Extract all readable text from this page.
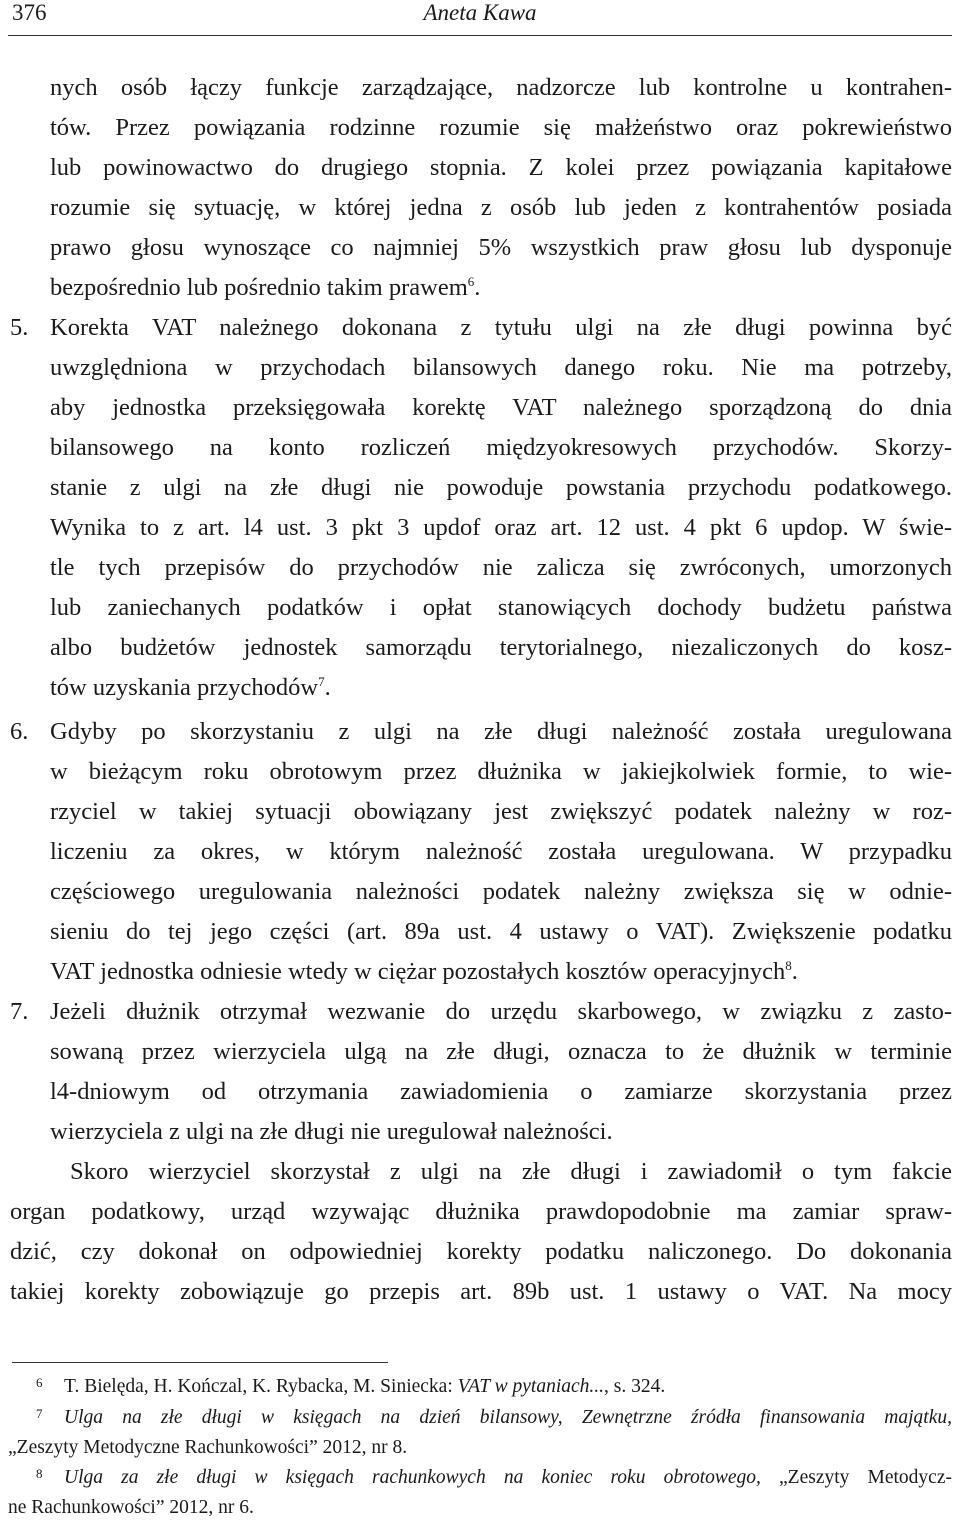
376	Aneta Kawa
nych osób łączy funkcje zarządzające, nadzorcze lub kontrolne u kontrahen-
tów. Przez powiązania rodzinne rozumie się małżeństwo oraz pokrewieństwo
lub powinowactwo do drugiego stopnia. Z kolei przez powiązania kapitałowe
rozumie się sytuację, w której jedna z osób lub jeden z kontrahentów posiada
prawo głosu wynoszące co najmniej 5% wszystkich praw głosu lub dysponuje
bezpośrednio lub pośrednio takim prawem$^6$.
5. Korekta VAT należnego dokonana z tytułu ulgi na złe długi powinna być
uwzględniona w przychodach bilansowych danego roku. Nie ma potrzeby,
aby jednostka przeksięgowała korektę VAT należnego sporządzoną do dnia
bilansowego na konto rozliczeń międzyokresowych przychodów. Skorzy-
stanie z ulgi na złe długi nie powoduje powstania przychodu podatkowego.
Wynika to z art. l4 ust. 3 pkt 3 updof oraz art. 12 ust. 4 pkt 6 updop. W świe-
tle tych przepisów do przychodów nie zalicza się zwróconych, umorzonych
lub zaniechanych podatków i opłat stanowiących dochody budżetu państwa
albo budżetów jednostek samorządu terytorialnego, niezaliczonych do kosz-
tów uzyskania przychodów$^7$.
6. Gdyby po skorzystaniu z ulgi na złe długi należność została uregulowana
w bieżącym roku obrotowym przez dłużnika w jakiejkolwiek formie, to wie-
rzyciel w takiej sytuacji obowiązany jest zwiększyć podatek należny w roz-
liczeniu za okres, w którym należność została uregulowana. W przypadku
częściowego uregulowania należności podatek należny zwiększa się w odnie-
sieniu do tej jego części (art. 89a ust. 4 ustawy o VAT). Zwiększenie podatku
VAT jednostka odniesie wtedy w ciężar pozostałych kosztów operacyjnych$^8$.
7. Jeżeli dłużnik otrzymał wezwanie do urzędu skarbowego, w związku z zasto-
sowaną przez wierzyciela ulgą na złe długi, oznacza to że dłużnik w terminie
l4-dniowym od otrzymania zawiadomienia o zamiarze skorzystania przez
wierzyciela z ulgi na złe długi nie uregulował należności.
Skoro wierzyciel skorzystał z ulgi na złe długi i zawiadomił o tym fakcie
organ podatkowy, urząd wzywając dłużnika prawdopodobnie ma zamiar spraw-
dzić, czy dokonał on odpowiedniej korekty podatku naliczonego. Do dokonania
takiej korekty zobowiązuje go przepis art. 89b ust. 1 ustawy o VAT. Na mocy
6 T. Bielęda, H. Kończal, K. Rybacka, M. Siniecka: VAT w pytaniach..., s. 324.
7 Ulga na złe długi w księgach na dzień bilansowy, Zewnętrzne źródła finansowania majątku,
„Zeszyty Metodyczne Rachunkowości” 2012, nr 8.
8 Ulga za złe długi w księgach rachunkowych na koniec roku obrotowego, „Zeszyty Metodycz-
ne Rachunkowości” 2012, nr 6.
